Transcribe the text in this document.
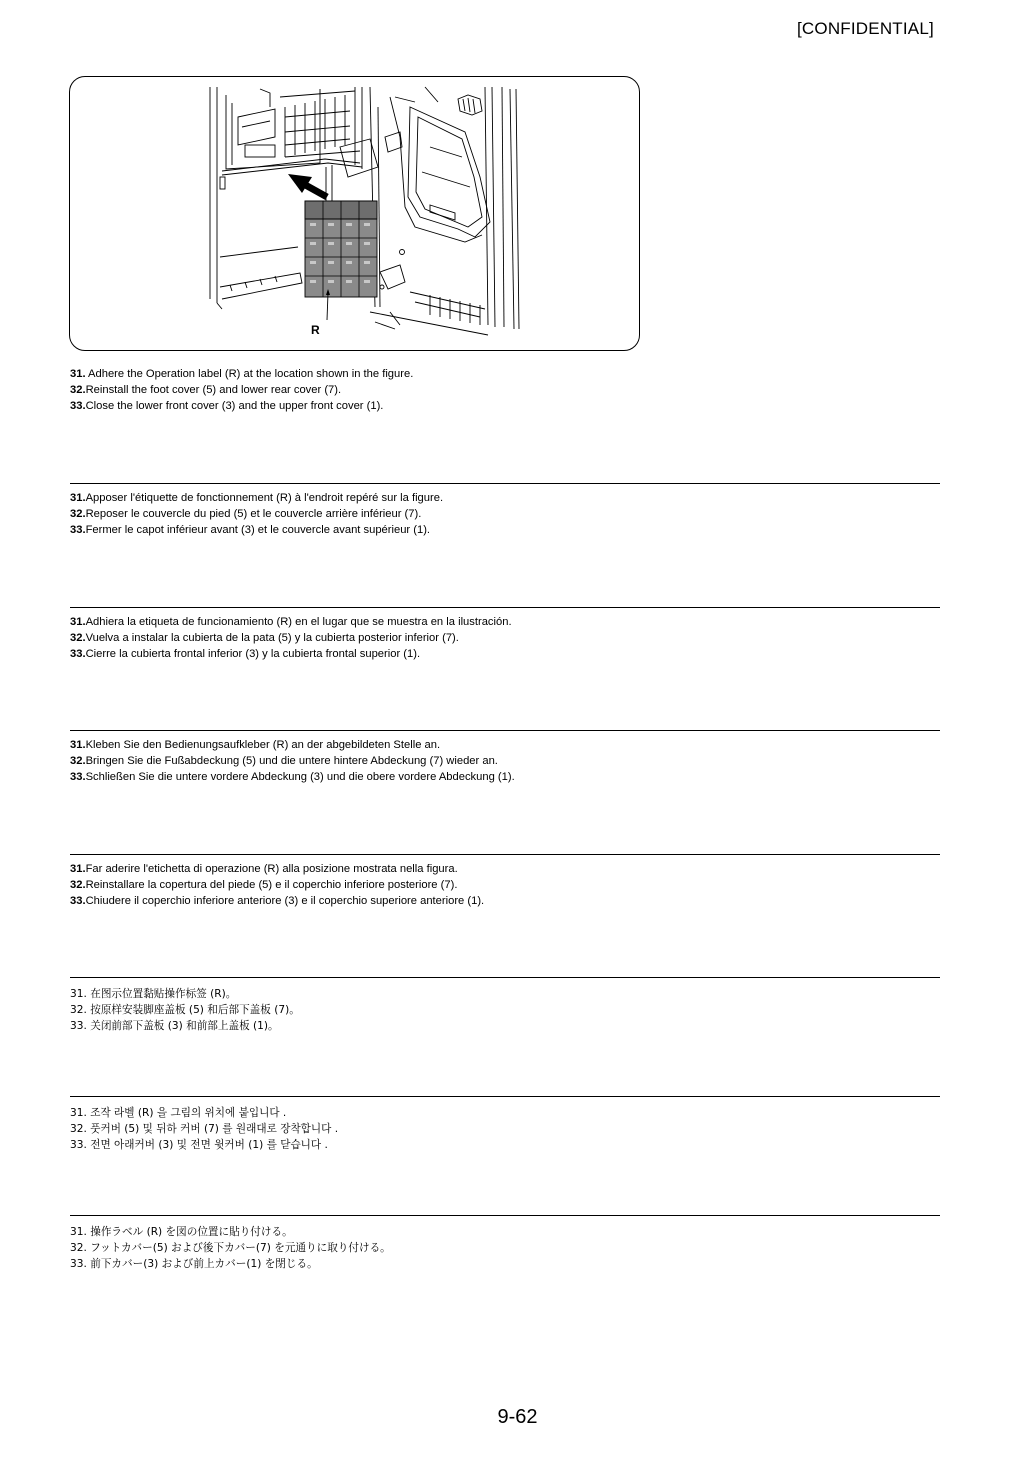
[CONFIDENTIAL]
R
31. Adhere the Operation label (R) at the location shown in the figure.
32.Reinstall the foot cover (5) and lower rear cover (7).
33.Close the lower front cover (3) and the upper front cover (1).
31.Apposer l'étiquette de fonctionnement (R) à l'endroit repéré sur la figure.
32.Reposer le couvercle du pied (5) et le couvercle arrière inférieur (7).
33.Fermer le capot inférieur avant (3) et le couvercle avant supérieur (1).
31.Adhiera la etiqueta de funcionamiento (R) en el lugar que se muestra en la ilustración.
32.Vuelva a instalar la cubierta de la pata (5) y la cubierta posterior inferior (7).
33.Cierre la cubierta frontal inferior (3) y la cubierta frontal superior (1).
31.Kleben Sie den Bedienungsaufkleber (R) an der abgebildeten Stelle an.
32.Bringen Sie die Fußabdeckung (5) und die untere hintere Abdeckung (7) wieder an.
33.Schließen Sie die untere vordere Abdeckung (3) und die obere vordere Abdeckung (1).
31.Far aderire l'etichetta di operazione (R) alla posizione mostrata nella figura.
32.Reinstallare la copertura del piede (5) e il coperchio inferiore posteriore (7).
33.Chiudere il coperchio inferiore anteriore (3) e il coperchio superiore anteriore (1).
31. 在图示位置黏贴操作标签 (R)。
32. 按原样安装脚座盖板 (5) 和后部下盖板 (7)。
33. 关闭前部下盖板 (3) 和前部上盖板 (1)。
31. 조작 라벨 (R) 을 그림의 위치에 붙입니다 .
32. 풋커버 (5) 및 뒤하 커버 (7) 를 원래대로 장착합니다 .
33. 전면 아래커버 (3) 및 전면 윗커버 (1) 를 닫습니다 .
31. 操作ラベル (R) を図の位置に貼り付ける。
32. フットカバー(5) および後下カバー(7) を元通りに取り付ける。
33. 前下カバー(3) および前上カバー(1) を閉じる。
9-62
